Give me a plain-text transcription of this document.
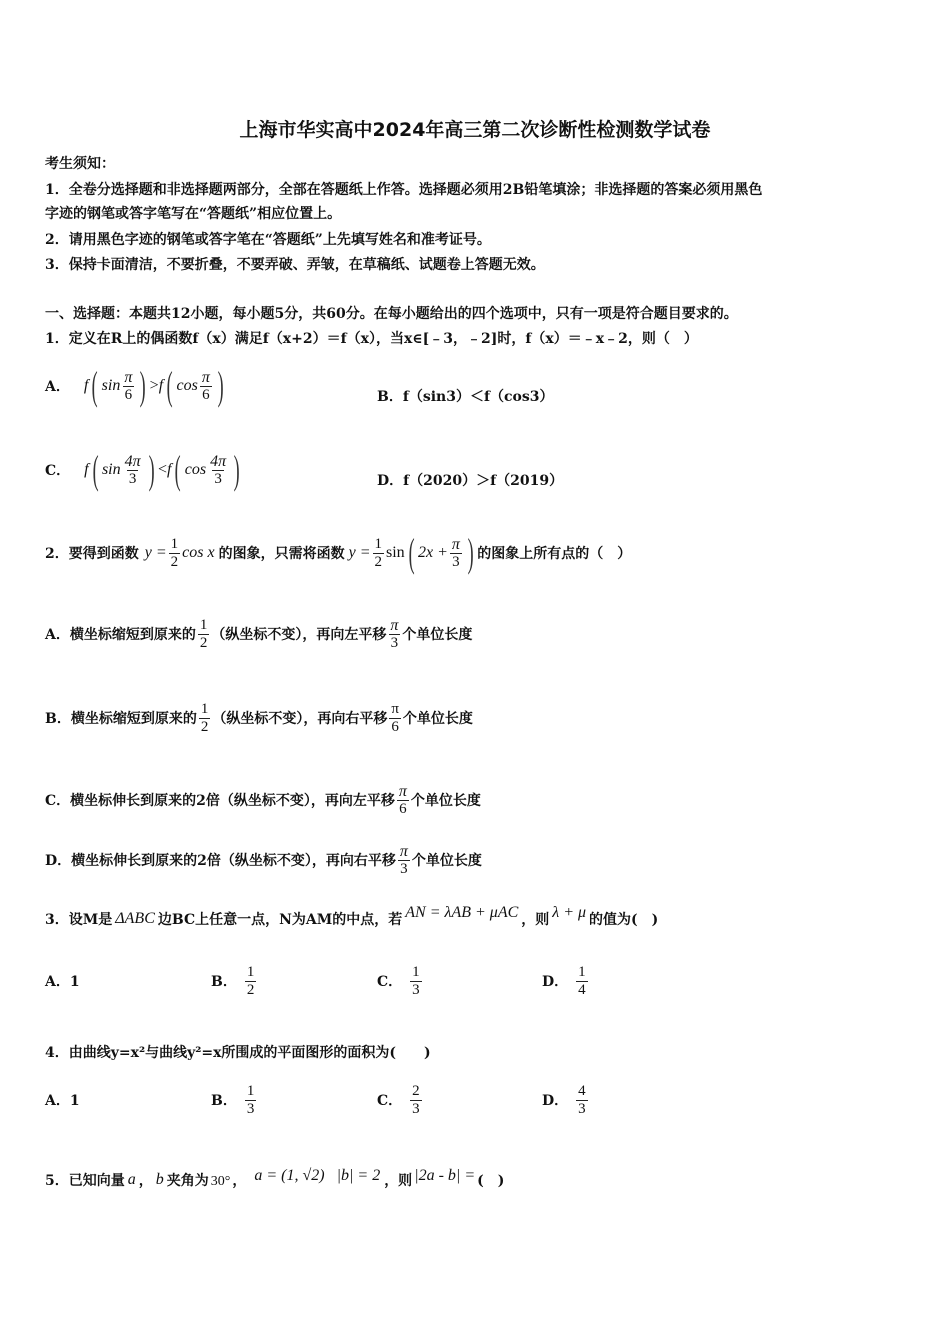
上海市华实高中2024年高三第二次诊断性检测数学试卷
考生须知：
1．全卷分选择题和非选择题两部分，全部在答题纸上作答。选择题必须用2B铅笔填涂；非选择题的答案必须用黑色
字迹的钢笔或答字笔写在“答题纸”相应位置上。
2．请用黑色字迹的钢笔或答字笔在“答题纸”上先填写姓名和准考证号。
3．保持卡面清洁，不要折叠，不要弄破、弄皱，在草稿纸、试题卷上答题无效。
一、选择题：本题共12小题，每小题5分，共60分。在每小题给出的四个选项中，只有一项是符合题目要求的。
1．定义在R上的偶函数f（x）满足f（x+2）＝f（x），当x∈[﹣3，﹣2]时，f（x）＝﹣x﹣2，则（　）
A． f ( $\sin \frac{\pi}{6}$ ) > f ( $\cos \frac{\pi}{6}$ )	B．f（sin3）＜f（cos3）
C． f ( $\sin \frac{4\pi}{3}$ ) < f ( $\cos \frac{4\pi}{3}$ )	D．f（2020）＞f（2019）
2．要得到函数 $y = \frac{1}{2}$ cos x 的图象，只需将函数 $y = \frac{1}{2}$ sin ( $2x + \frac{\pi}{3}$ ) 的图象上所有点的（　）
A．横坐标缩短到原来的 $\frac{1}{2}$ （纵坐标不变），再向左平移 $\frac{\pi}{3}$ 个单位长度
B．横坐标缩短到原来的 $\frac{1}{2}$ （纵坐标不变），再向右平移 $\frac{\pi}{6}$ 个单位长度
C．横坐标伸长到原来的2倍（纵坐标不变），再向左平移 $\frac{\pi}{6}$ 个单位长度
D．横坐标伸长到原来的2倍（纵坐标不变），再向右平移 $\frac{\pi}{3}$ 个单位长度
3．设M是 ΔABC 边BC上任意一点，N为AM的中点，若 AN = λAB + μAC ，则 λ + μ 的值为(　)
A．1	B． $\frac{1}{2}$	C． $\frac{1}{3}$	D． $\frac{1}{4}$
4．由曲线y=x²与曲线y²=x所围成的平面图形的面积为(　　)
A．1	B． $\frac{1}{3}$	C． $\frac{2}{3}$	D． $\frac{4}{3}$
5．已知向量 a ， b 夹角为 30° ， a = (1, √2) |b| = 2 ，则 |2a - b| = (　)
